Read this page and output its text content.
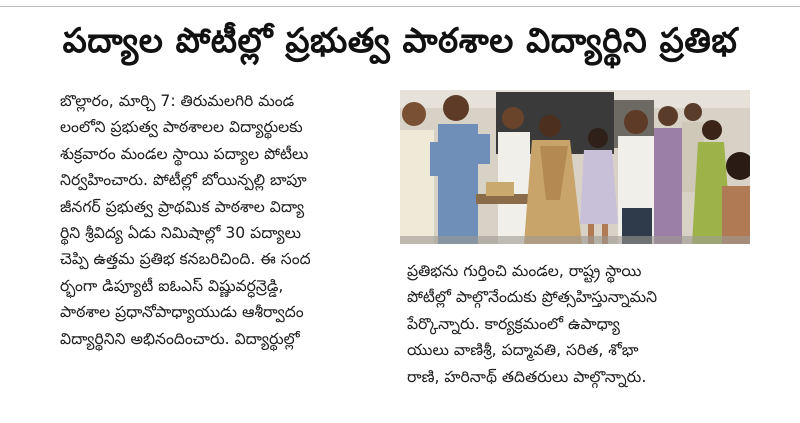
పద్యాల పోటీల్లో ప్రభుత్వ పాఠశాల విద్యార్థిని ప్రతిభ

బొల్లారం, మార్చి 7: తిరుమలగిరి మండ
లంలోని ప్రభుత్వ పాఠశాలల విద్యార్థులకు
శుక్రవారం మండల స్థాయి పద్యాల పోటీలు
నిర్వహించారు. పోటీల్లో బోయిన్పల్లి బాపూ
జీనగర్ ప్రభుత్వ ప్రాథమిక పాఠశాల విద్యా
ర్థిని శ్రీవిద్య ఏడు నిమిషాల్లో 30 పద్యాలు
చెప్పి ఉత్తమ ప్రతిభ కనబరిచింది. ఈ సంద
ర్భంగా డిప్యూటీ ఐఓఎస్ విష్ణువర్ధన్రెడ్డి,
పాఠశాల ప్రధానోపాధ్యాయుడు ఆశీర్వాదం
విద్యార్థినిని అభినందించారు. విద్యార్థుల్లో

ప్రతిభను గుర్తించి మండల, రాష్ట్ర స్థాయి
పోటీల్లో పాల్గొనేందుకు ప్రోత్సహిస్తున్నామని
పేర్కొన్నారు. కార్యక్రమంలో ఉపాధ్యా
యులు వాణిశ్రీ, పద్మావతి, సరిత, శోభా
రాణి, హరినాథ్ తదితరులు పాల్గొన్నారు.
